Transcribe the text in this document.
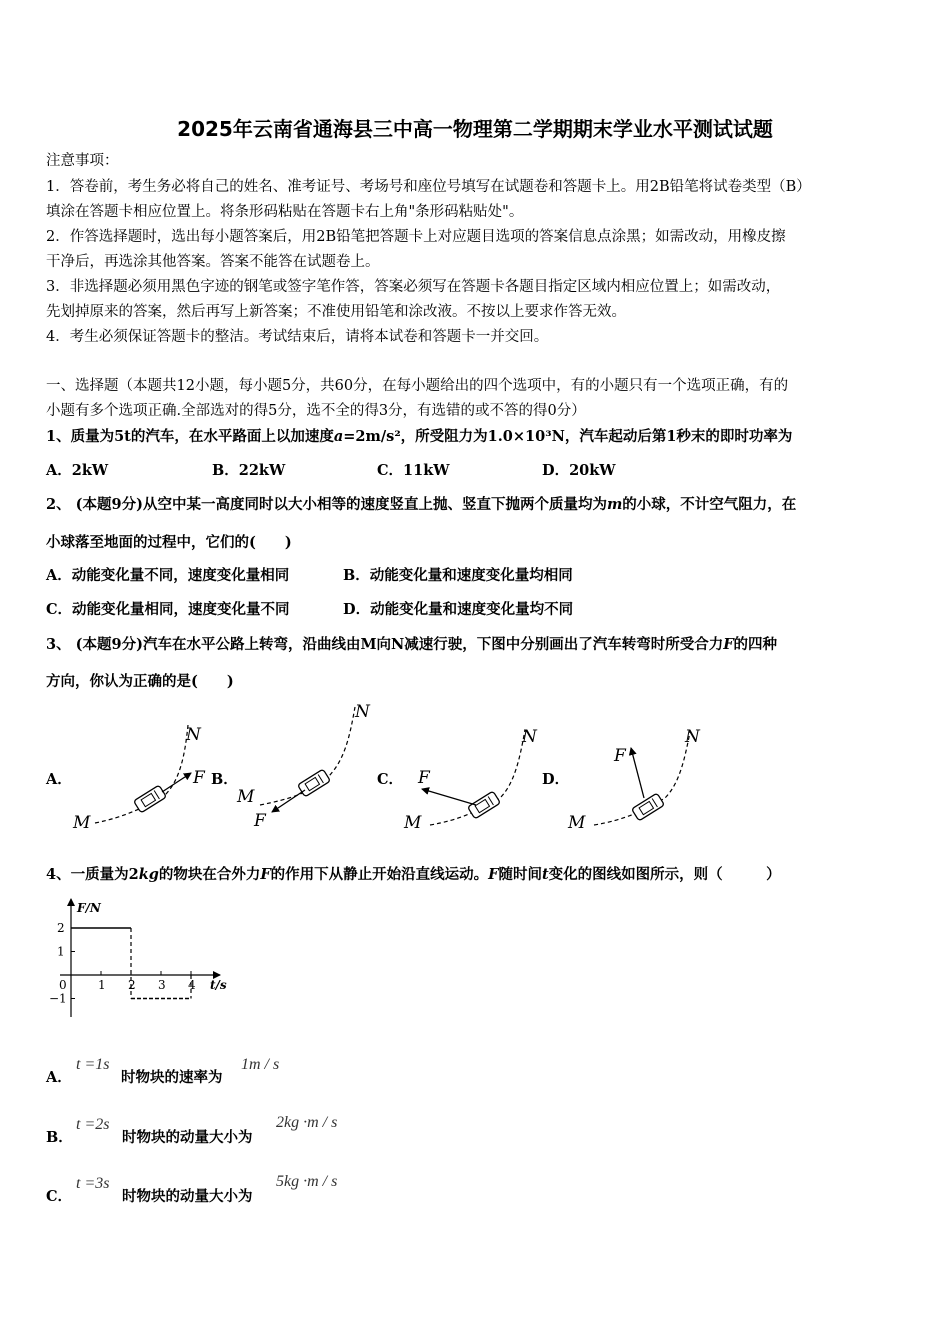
2025年云南省通海县三中高一物理第二学期期末学业水平测试试题
注意事项：
1．答卷前，考生务必将自己的姓名、准考证号、考场号和座位号填写在试题卷和答题卡上。用2B铅笔将试卷类型（B）
填涂在答题卡相应位置上。将条形码粘贴在答题卡右上角"条形码粘贴处"。
2．作答选择题时，选出每小题答案后，用2B铅笔把答题卡上对应题目选项的答案信息点涂黑；如需改动，用橡皮擦
干净后，再选涂其他答案。答案不能答在试题卷上。
3．非选择题必须用黑色字迹的钢笔或签字笔作答，答案必须写在答题卡各题目指定区域内相应位置上；如需改动，
先划掉原来的答案，然后再写上新答案；不准使用铅笔和涂改液。不按以上要求作答无效。
4．考生必须保证答题卡的整洁。考试结束后，请将本试卷和答题卡一并交回。
一、选择题（本题共12小题，每小题5分，共60分，在每小题给出的四个选项中，有的小题只有一个选项正确，有的
小题有多个选项正确.全部选对的得5分，选不全的得3分，有选错的或不答的得0分）
1、质量为5t的汽车，在水平路面上以加速度a=2m/s²，所受阻力为1.0×10³N，汽车起动后第1秒末的即时功率为
A．2kW	B．22kW	C．11kW	D．20kW
2、 (本题9分)从空中某一高度同时以大小相等的速度竖直上抛、竖直下抛两个质量均为m的小球，不计空气阻力，在
小球落至地面的过程中，它们的(　　)
A．动能变化量不同，速度变化量相同	B．动能变化量和速度变化量均相同
C．动能变化量相同，速度变化量不同	D．动能变化量和速度变化量均不同
3、 (本题9分)汽车在水平公路上转弯，沿曲线由M向N减速行驶，下图中分别画出了汽车转弯时所受合力F的四种
方向，你认为正确的是(　　)
A．	B．	C．	D．
M
N
F
M
N
F	M
N
F
M
N
F
4、一质量为2kg的物块在合外力F的作用下从静止开始沿直线运动。F随时间t变化的图线如图所示，则（　　　）
F/N
t/s
0	1 2 3 4
2
1
−1
A．
t =1s
时物块的速率为
1m / s
B．
t =2s
时物块的动量大小为
2kg ·m / s
C．
t =3s
时物块的动量大小为
5kg ·m / s
